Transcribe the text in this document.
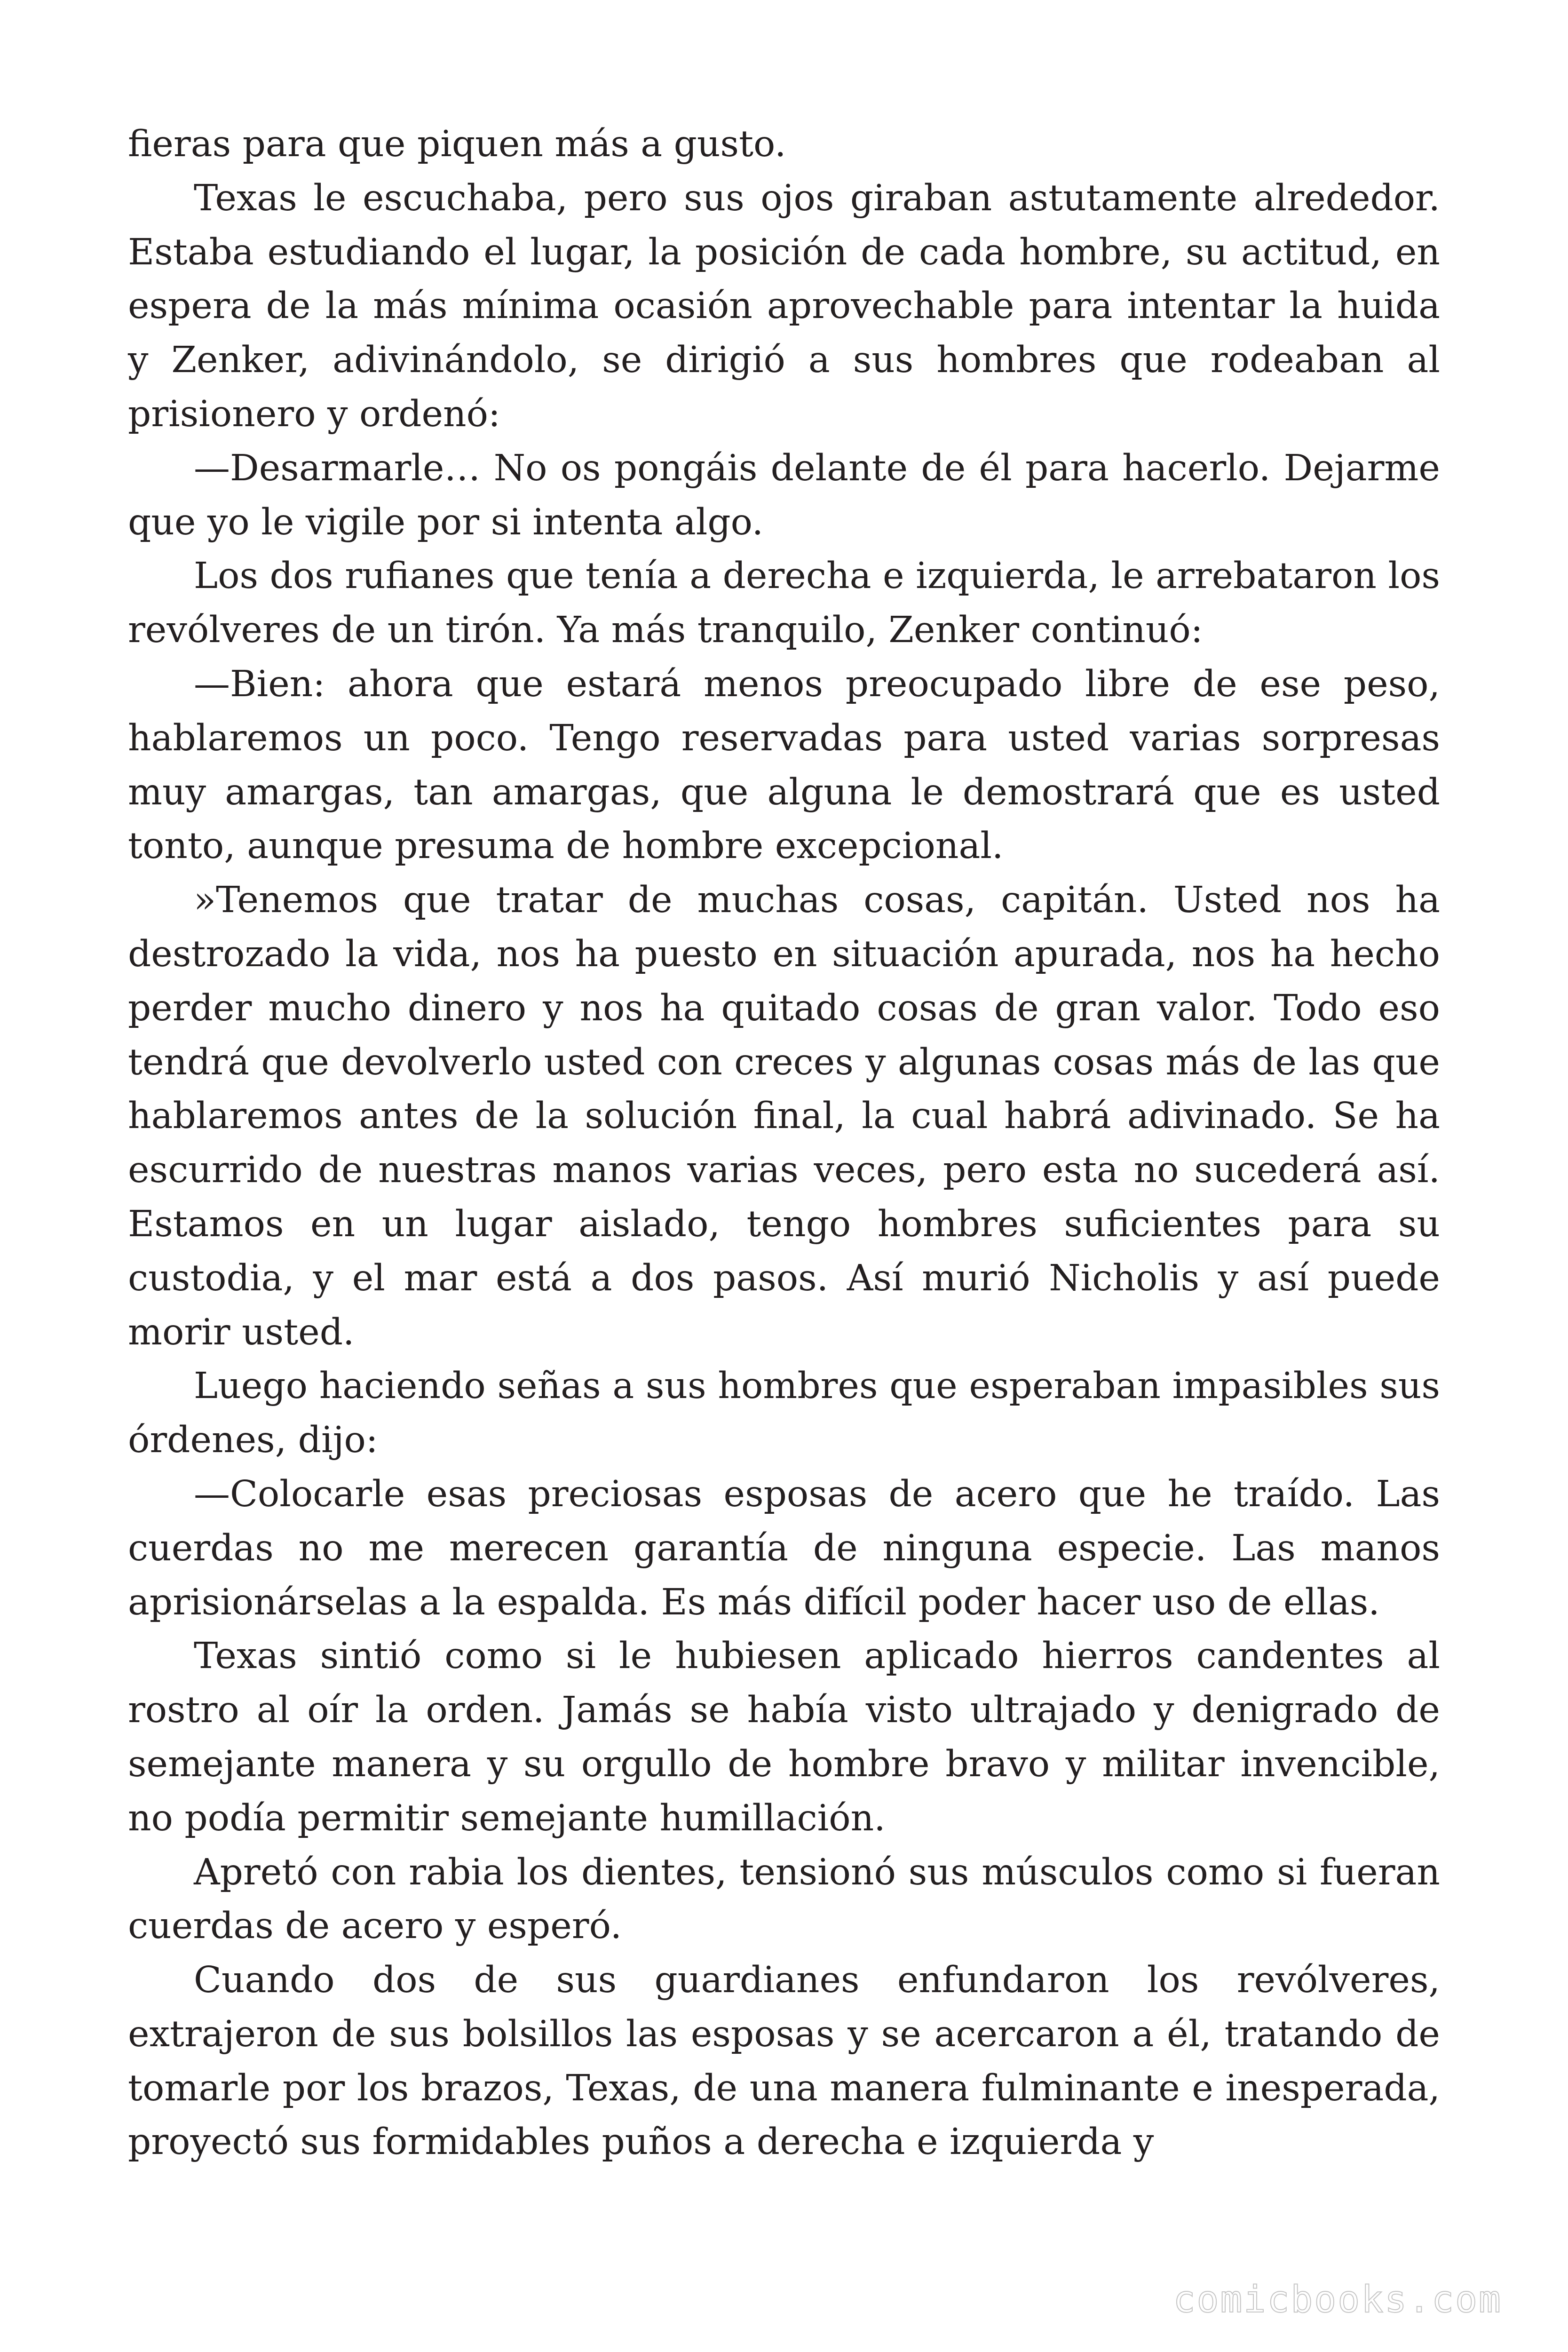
fieras para que piquen más a gusto.

Texas le escuchaba, pero sus ojos giraban astutamente alrededor. Estaba estudiando el lugar, la posición de cada hombre, su actitud, en espera de la más mínima ocasión aprovechable para intentar la huida y Zenker, adivinándolo, se dirigió a sus hombres que rodeaban al prisionero y ordenó:

—Desarmarle… No os pongáis delante de él para hacerlo. Dejarme que yo le vigile por si intenta algo.

Los dos rufianes que tenía a derecha e izquierda, le arrebataron los revólveres de un tirón. Ya más tranquilo, Zenker continuó:

—Bien: ahora que estará menos preocupado libre de ese peso, hablaremos un poco. Tengo reservadas para usted varias sorpresas muy amargas, tan amargas, que alguna le demostrará que es usted tonto, aunque presuma de hombre excepcional.

»Tenemos que tratar de muchas cosas, capitán. Usted nos ha destrozado la vida, nos ha puesto en situación apurada, nos ha hecho perder mucho dinero y nos ha quitado cosas de gran valor. Todo eso tendrá que devolverlo usted con creces y algunas cosas más de las que hablaremos antes de la solución final, la cual habrá adivinado. Se ha escurrido de nuestras manos varias veces, pero esta no sucederá así. Estamos en un lugar aislado, tengo hombres suficientes para su custodia, y el mar está a dos pasos. Así murió Nicholis y así puede morir usted.

Luego haciendo señas a sus hombres que esperaban impasibles sus órdenes, dijo:

—Colocarle esas preciosas esposas de acero que he traído. Las cuerdas no me merecen garantía de ninguna especie. Las manos aprisionárselas a la espalda. Es más difícil poder hacer uso de ellas.

Texas sintió como si le hubiesen aplicado hierros candentes al rostro al oír la orden. Jamás se había visto ultrajado y denigrado de semejante manera y su orgullo de hombre bravo y militar invencible, no podía permitir semejante humillación.

Apretó con rabia los dientes, tensionó sus músculos como si fueran cuerdas de acero y esperó.

Cuando dos de sus guardianes enfundaron los revólveres, extrajeron de sus bolsillos las esposas y se acercaron a él, tratando de tomarle por los brazos, Texas, de una manera fulminante e inesperada, proyectó sus formidables puños a derecha e izquierda y

comicbooks.com
